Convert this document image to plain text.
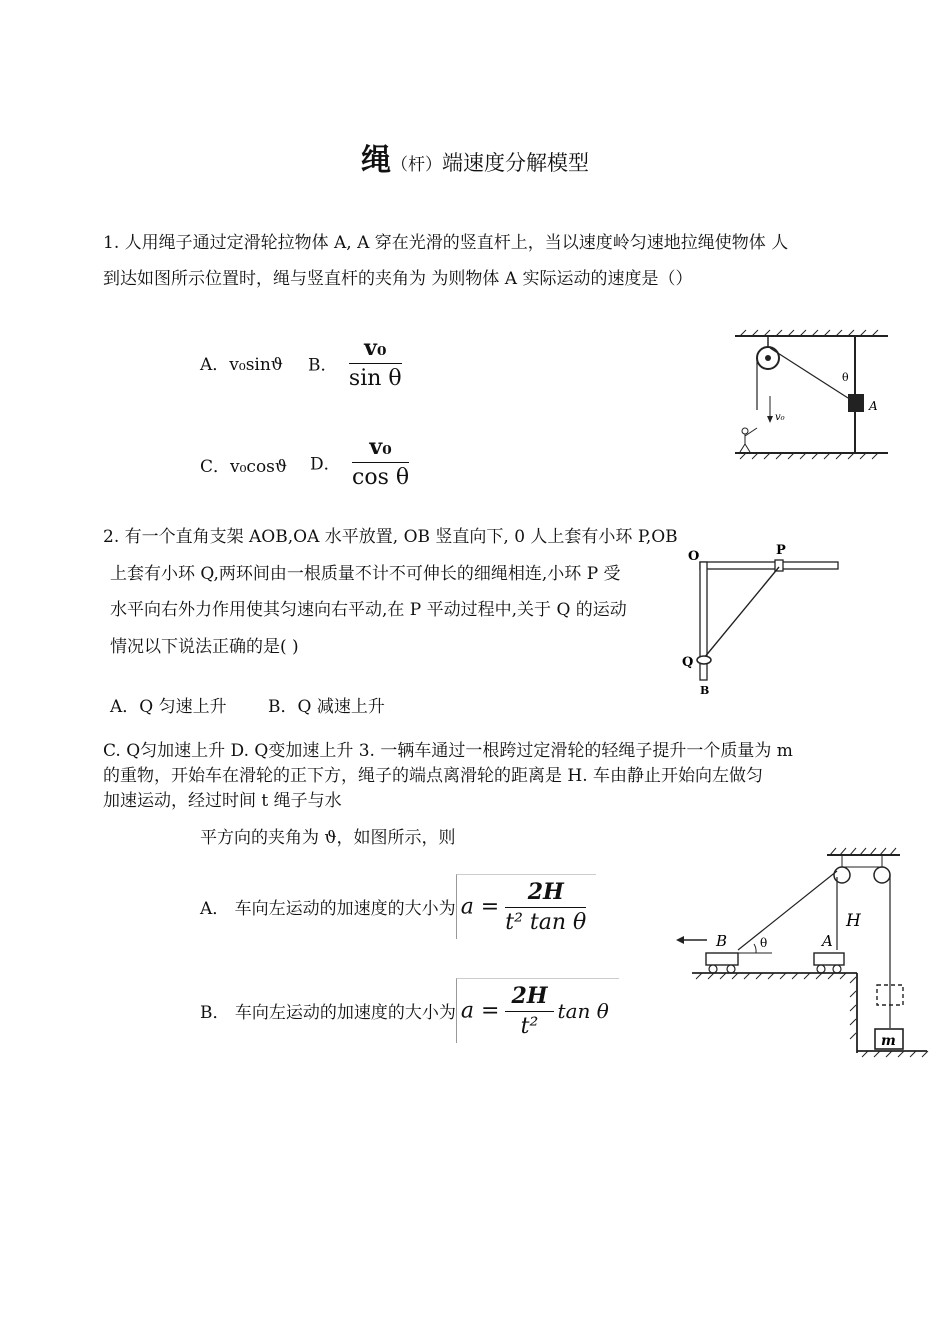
绳（杆）端速度分解模型
1. 人用绳子通过定滑轮拉物体 A, A 穿在光滑的竖直杆上，当以速度岭匀速地拉绳使物体 人
到达如图所示位置时，绳与竖直杆的夹角为 为则物体 A 实际运动的速度是（）
A．v₀sinϑ B． $\frac{\text{v₀}}{\text{sin θ}}$
C．v₀cosϑ D． $\frac{\text{v₀}}{\text{cos θ}}$
A
θ
v₀
2. 有一个直角支架 AOB,OA 水平放置, OB 竖直向下, 0 人上套有小环 P,OB
上套有小环 Q,两环间由一根质量不计不可伸长的细绳相连,小环 P 受
水平向右外力作用使其匀速向右平动,在 P 平动过程中,关于 Q 的运动
情况以下说法正确的是( )
A．Q 匀速上升 B．Q 减速上升
O	P
Q
B
C. Q匀加速上升 D. Q变加速上升 3. 一辆车通过一根跨过定滑轮的轻绳子提升一个质量为 m
的重物，开始车在滑轮的正下方，绳子的端点离滑轮的距离是 H. 车由静止开始向左做匀
加速运动，经过时间 t 绳子与水
平方向的夹角为 ϑ，如图所示，则
A． 车向左运动的加速度的大小为 $a = \frac{2H}{\text{t² tan θ}}$
B． 车向左运动的加速度的大小为 $a = \frac{2H}{\text{t²}}$ tan θ
H
B	θ	A
m
